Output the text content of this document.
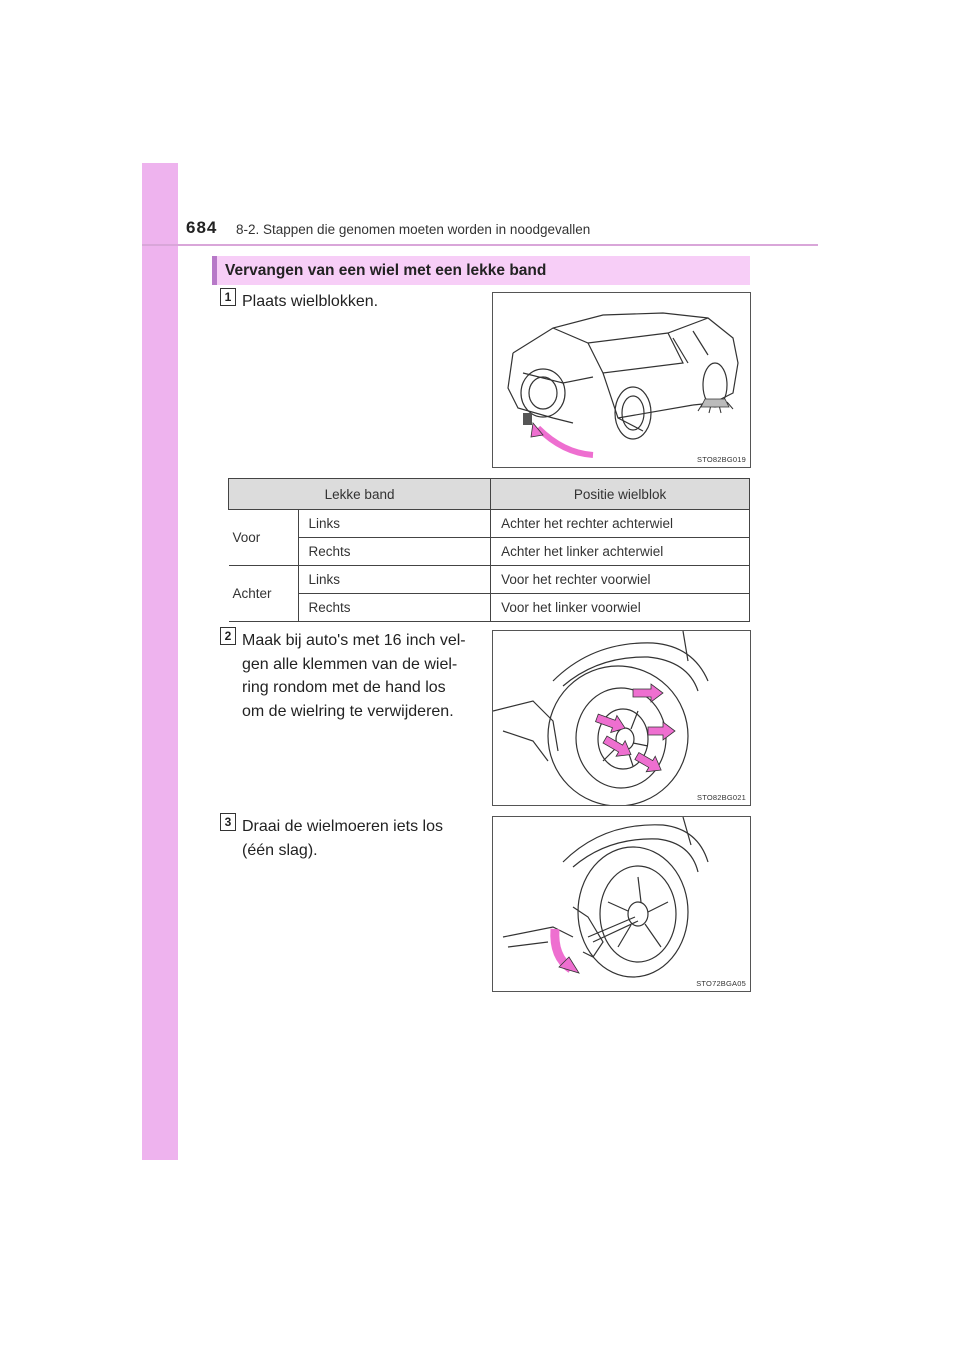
684 8-2. Stappen die genomen moeten worden in noodgevallen
Vervangen van een wiel met een lekke band
1 Plaats wielblokken.
STO82BG019
Lekke band		Positie wielblok
Voor	Links	Achter het rechter achterwiel
	Rechts	Achter het linker achterwiel
Achter	Links	Voor het rechter voorwiel
	Rechts	Voor het linker voorwiel
2 Maak bij auto's met 16 inch vel-
gen alle klemmen van de wiel-
ring rondom met de hand los
om de wielring te verwijderen.
STO82BG021
3 Draai de wielmoeren iets los
(één slag).
STO72BGA05
